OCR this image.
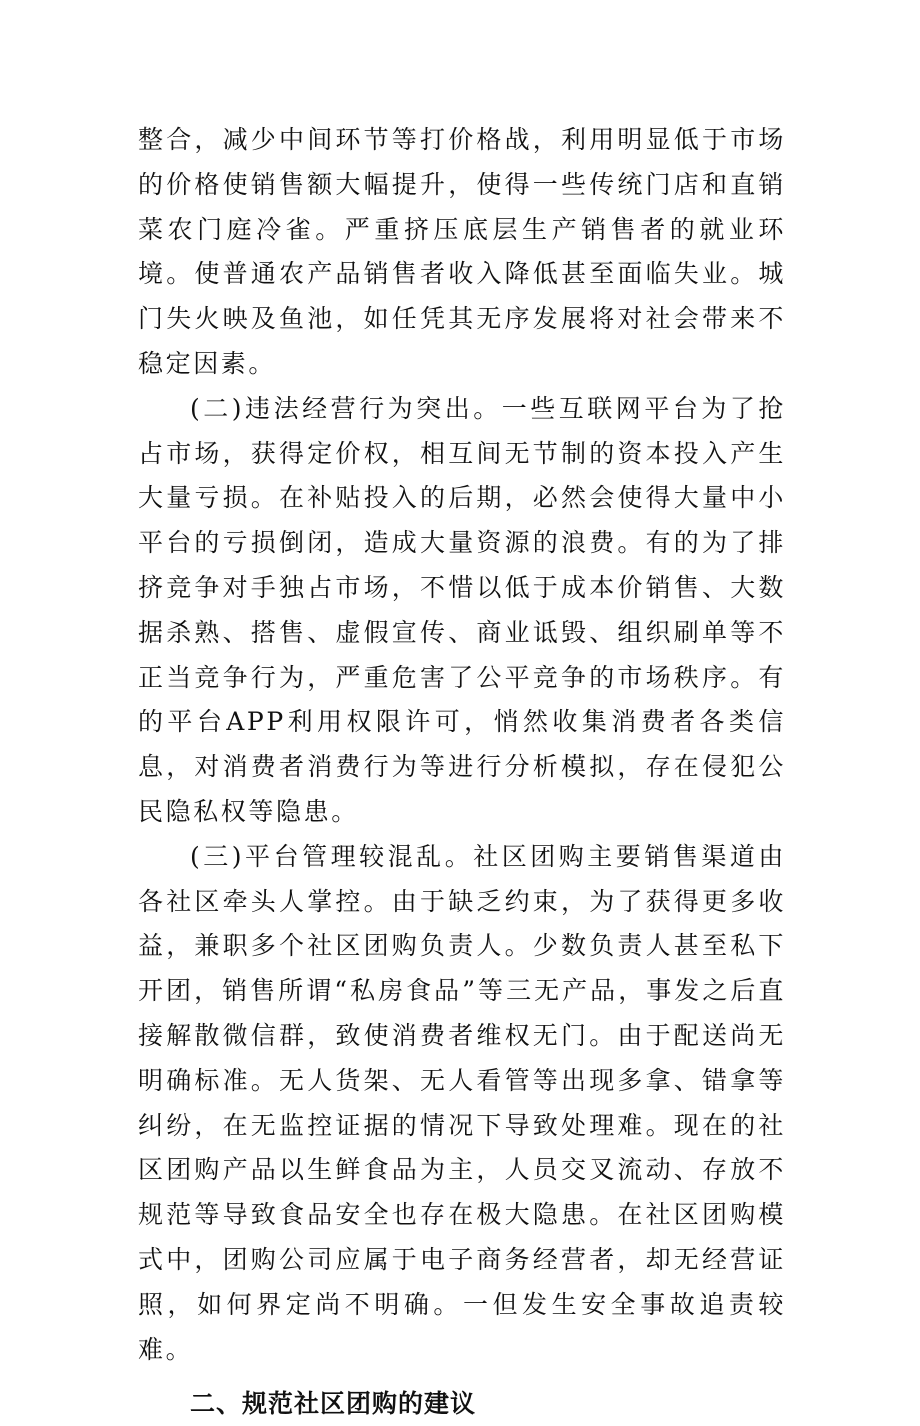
整合，减少中间环节等打价格战，利用明显低于市场的价格使销售额大幅提升，使得一些传统门店和直销菜农门庭冷雀。严重挤压底层生产销售者的就业环境。使普通农产品销售者收入降低甚至面临失业。城门失火映及鱼池，如任凭其无序发展将对社会带来不稳定因素。

(二)违法经营行为突出。一些互联网平台为了抢占市场，获得定价权，相互间无节制的资本投入产生大量亏损。在补贴投入的后期，必然会使得大量中小平台的亏损倒闭，造成大量资源的浪费。有的为了排挤竞争对手独占市场，不惜以低于成本价销售、大数据杀熟、搭售、虚假宣传、商业诋毁、组织刷单等不正当竞争行为，严重危害了公平竞争的市场秩序。有的平台APP利用权限许可，悄然收集消费者各类信息，对消费者消费行为等进行分析模拟，存在侵犯公民隐私权等隐患。

(三)平台管理较混乱。社区团购主要销售渠道由各社区牵头人掌控。由于缺乏约束，为了获得更多收益，兼职多个社区团购负责人。少数负责人甚至私下开团，销售所谓“私房食品”等三无产品，事发之后直接解散微信群，致使消费者维权无门。由于配送尚无明确标准。无人货架、无人看管等出现多拿、错拿等纠纷，在无监控证据的情况下导致处理难。现在的社区团购产品以生鲜食品为主，人员交叉流动、存放不规范等导致食品安全也存在极大隐患。在社区团购模式中，团购公司应属于电子商务经营者，却无经营证照，如何界定尚不明确。一但发生安全事故追责较难。

二、规范社区团购的建议
